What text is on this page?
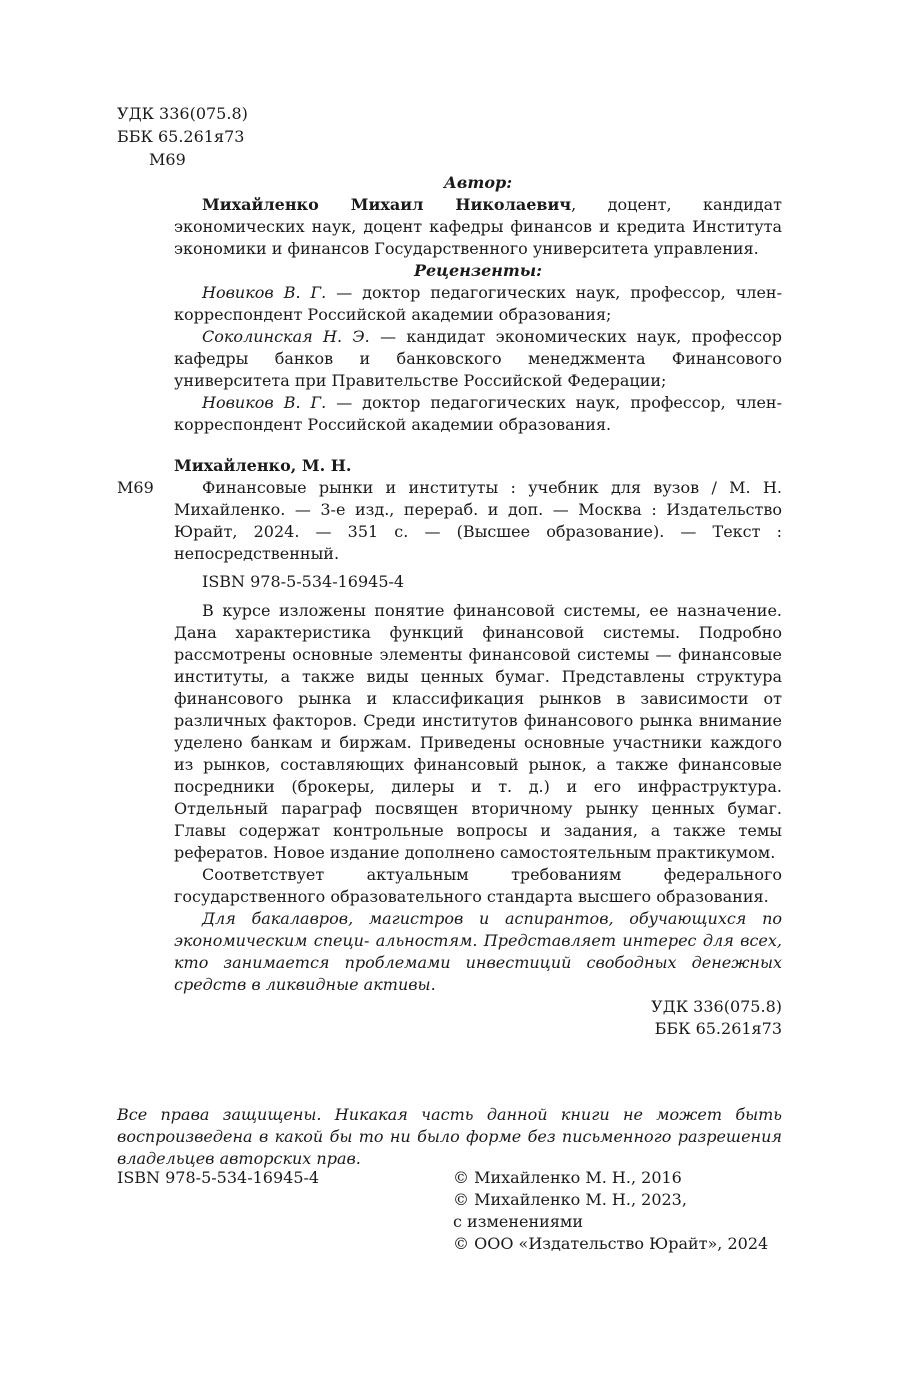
УДК 336(075.8)
ББК 65.261я73
М69
Автор:
Михайленко Михаил Николаевич, доцент, кандидат экономических наук, доцент кафедры финансов и кредита Института экономики и финансов Государственного университета управления.
Рецензенты:
Новиков В. Г. — доктор педагогических наук, профессор, член-корреспондент Российской академии образования;
Соколинская Н. Э. — кандидат экономических наук, профессор кафедры банков и банковского менеджмента Финансового университета при Правительстве Российской Федерации;
Новиков В. Г. — доктор педагогических наук, профессор, член-корреспондент Российской академии образования.
Михайленко, М. Н.
М69	Финансовые рынки и институты : учебник для вузов / М. Н. Михайленко. — 3-е изд., перераб. и доп. — Москва : Издательство Юрайт, 2024. — 351 с. — (Высшее образование). — Текст : непосредственный.
ISBN 978-5-534-16945-4
В курсе изложены понятие финансовой системы, ее назначение. Дана характеристика функций финансовой системы. Подробно рассмотрены основные элементы финансовой системы — финансовые институты, а также виды ценных бумаг. Представлены структура финансового рынка и классификация рынков в зависимости от различных факторов. Среди институтов финансового рынка внимание уделено банкам и биржам. Приведены основные участники каждого из рынков, составляющих финансовый рынок, а также финансовые посредники (брокеры, дилеры и т. д.) и его инфраструктура. Отдельный параграф посвящен вторичному рынку ценных бумаг. Главы содержат контрольные вопросы и задания, а также темы рефератов. Новое издание дополнено самостоятельным практикумом.
Соответствует актуальным требованиям федерального государственного образовательного стандарта высшего образования.
Для бакалавров, магистров и аспирантов, обучающихся по экономическим специ- альностям. Представляет интерес для всех, кто занимается проблемами инвестиций свободных денежных средств в ликвидные активы.
УДК 336(075.8)
ББК 65.261я73
Все права защищены. Никакая часть данной книги не может быть воспроизведена в какой бы то ни было форме без письменного разрешения владельцев авторских прав.
ISBN 978-5-534-16945-4	© Михайленко М. Н., 2016
© Михайленко М. Н., 2023,
с изменениями
© ООО «Издательство Юрайт», 2024
